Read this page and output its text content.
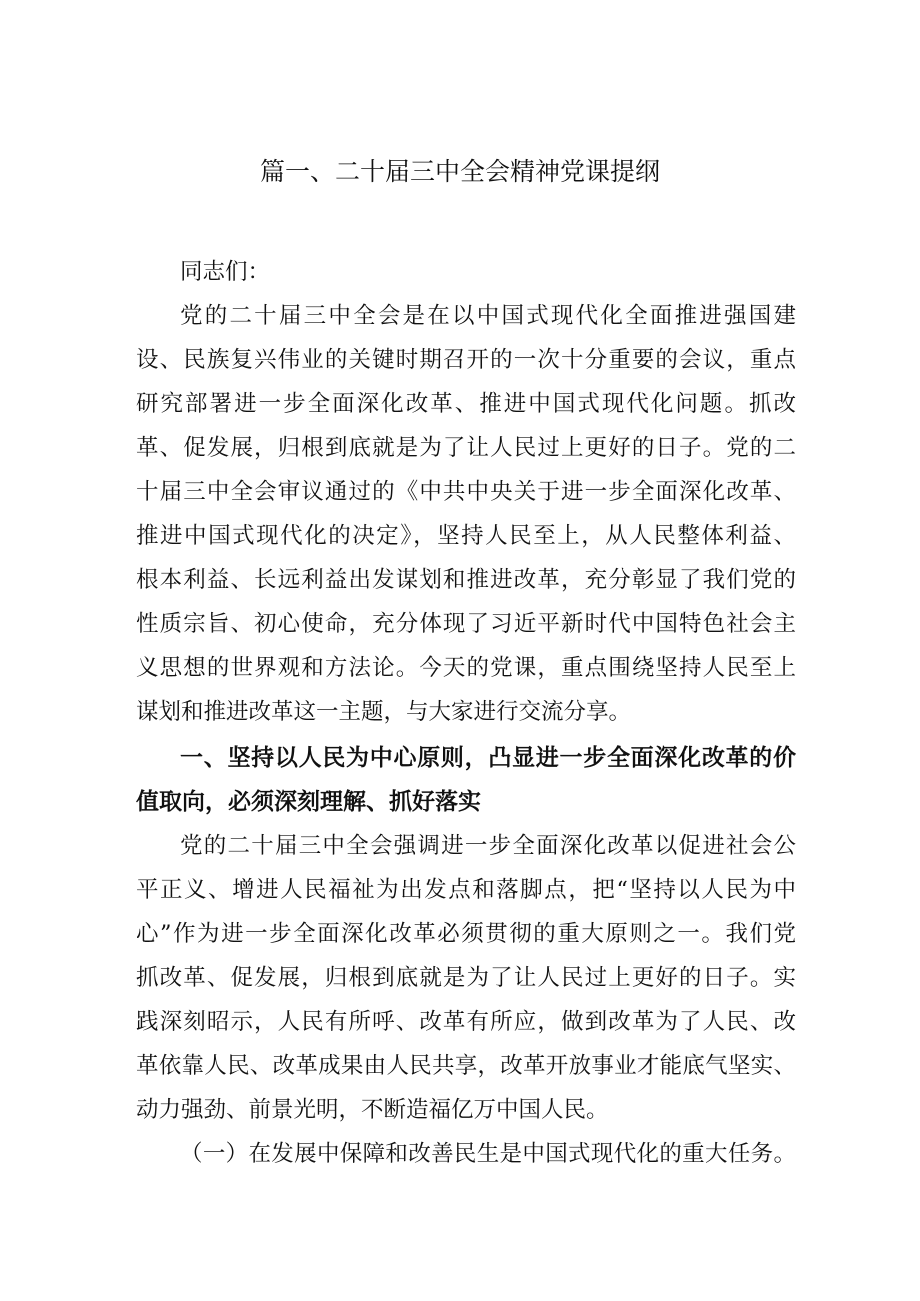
篇一、二十届三中全会精神党课提纲
同志们：
党的二十届三中全会是在以中国式现代化全面推进强国建
设、民族复兴伟业的关键时期召开的一次十分重要的会议，重点
研究部署进一步全面深化改革、推进中国式现代化问题。抓改
革、促发展，归根到底就是为了让人民过上更好的日子。党的二
十届三中全会审议通过的《中共中央关于进一步全面深化改革、
推进中国式现代化的决定》，坚持人民至上，从人民整体利益、
根本利益、长远利益出发谋划和推进改革，充分彰显了我们党的
性质宗旨、初心使命，充分体现了习近平新时代中国特色社会主
义思想的世界观和方法论。今天的党课，重点围绕坚持人民至上
谋划和推进改革这一主题，与大家进行交流分享。
一、坚持以人民为中心原则，凸显进一步全面深化改革的价
值取向，必须深刻理解、抓好落实
党的二十届三中全会强调进一步全面深化改革以促进社会公
平正义、增进人民福祉为出发点和落脚点，把“坚持以人民为中
心”作为进一步全面深化改革必须贯彻的重大原则之一。我们党
抓改革、促发展，归根到底就是为了让人民过上更好的日子。实
践深刻昭示，人民有所呼、改革有所应，做到改革为了人民、改
革依靠人民、改革成果由人民共享，改革开放事业才能底气坚实、
动力强劲、前景光明，不断造福亿万中国人民。
（一）在发展中保障和改善民生是中国式现代化的重大任务。
